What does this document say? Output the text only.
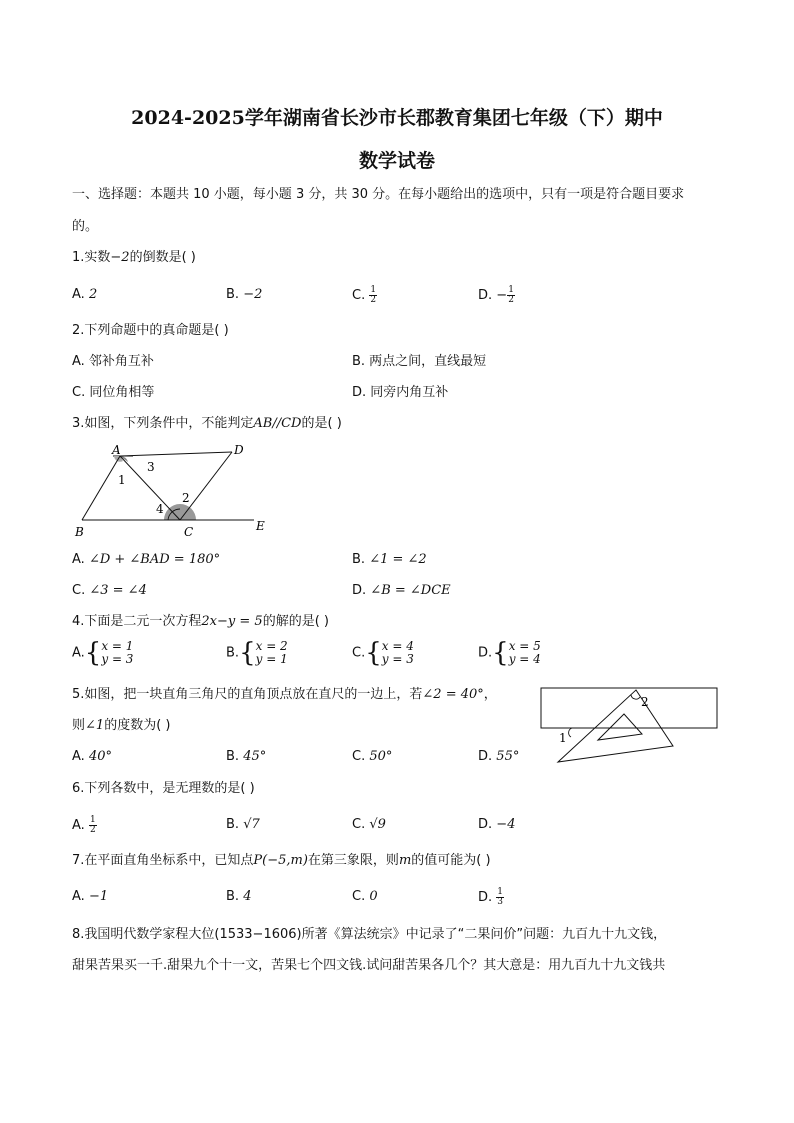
2024-2025学年湖南省长沙市长郡教育集团七年级（下）期中
数学试卷
一、选择题：本题共 10 小题，每小题 3 分，共 30 分。在每小题给出的选项中，只有一项是符合题目要求
的。
1.实数−2的倒数是( )
A. 2	B. −2	C. $\frac{1}{2}$	D. − $\frac{1}{2}$
2.下列命题中的真命题是( )
A. 邻补角互补	B. 两点之间，直线最短
C. 同位角相等	D. 同旁内角互补
3.如图，下列条件中，不能判定AB//CD的是( )
A	D
B	C	E
1
2
3
4
A. ∠D + ∠BAD = 180°	B. ∠1 = ∠2
C. ∠3 = ∠4	D. ∠B = ∠DCE
4.下面是二元一次方程2x−y = 5的解的是( )
A.{ x = 1
y = 3	B.{ x = 2
y = 1	C.{ x = 4
y = 3	D.{ x = 5
y = 4
5.如图，把一块直角三角尺的直角顶点放在直尺的一边上，若∠2 = 40°，
则∠1的度数为( )
1
2
A. 40°	B. 45°	C. 50°	D. 55°
6.下列各数中，是无理数的是( )
A. $\frac{1}{2}$	B. √7	C. √9	D. −4
7.在平面直角坐标系中，已知点P(−5,m)在第三象限，则m的值可能为( )
A. −1	B. 4	C. 0	D. $\frac{1}{3}$
8.我国明代数学家程大位(1533−1606)所著《算法统宗》中记录了“二果问价”问题：九百九十九文钱，
甜果苦果买一千.甜果九个十一文，苦果七个四文钱.试问甜苦果各几个？其大意是：用九百九十九文钱共
